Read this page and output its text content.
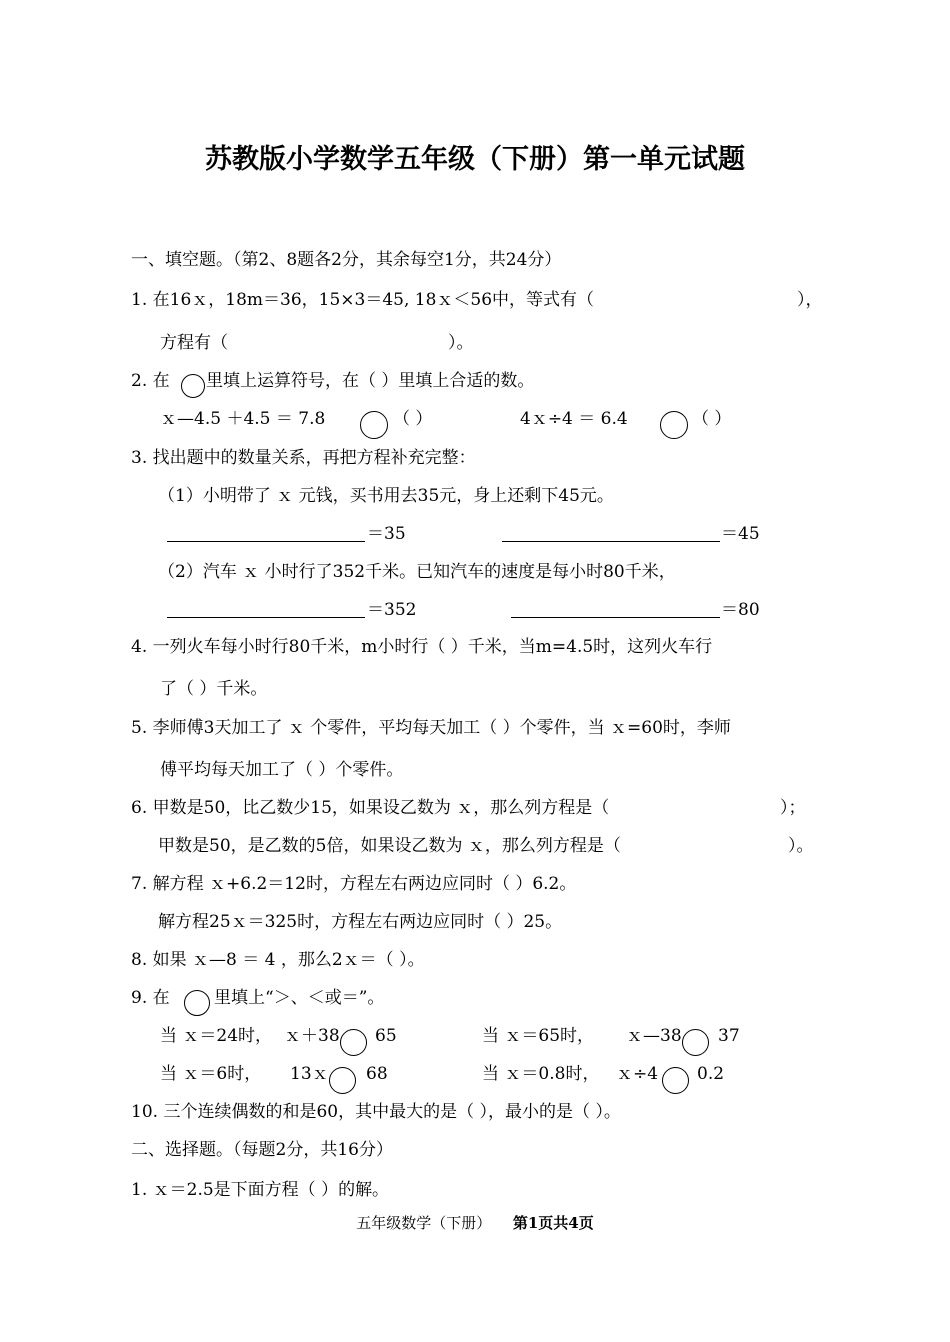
苏教版小学数学五年级（下册）第一单元试题
一、填空题。（第2、8题各2分，其余每空1分，共24分）
1. 在16ｘ，18m＝36，15×3＝45, 18ｘ＜56中，等式有（	），
方程有（	）。
2. 在 里填上运算符号，在（ ）里填上合适的数。
ｘ—4.5 ＋4.5 ＝ 7.8	（ ）	4ｘ÷4 ＝ 6.4	（ ）
3. 找出题中的数量关系，再把方程补充完整：
（1）小明带了 ｘ 元钱，买书用去35元，身上还剩下45元。
＝35	＝45
（2）汽车 ｘ 小时行了352千米。已知汽车的速度是每小时80千米，
＝352	＝80
4. 一列火车每小时行80千米，m小时行（ ）千米，当m=4.5时，这列火车行
了（ ）千米。
5. 李师傅3天加工了 ｘ 个零件，平均每天加工（ ）个零件，当 ｘ=60时，李师
傅平均每天加工了（ ）个零件。
6. 甲数是50，比乙数少15，如果设乙数为 ｘ，那么列方程是（	）；
甲数是50，是乙数的5倍，如果设乙数为 ｘ，那么列方程是（	）。
7. 解方程 ｘ+6.2＝12时，方程左右两边应同时（ ）6.2。
解方程25ｘ＝325时，方程左右两边应同时（ ）25。
8. 如果 ｘ—8 ＝ 4 ，那么2ｘ＝（ ）。
9. 在	里填上“＞、＜或＝”。
当 ｘ＝24时， ｘ＋38 65	当 ｘ＝65时， ｘ—38 37
当 ｘ＝6时， 13ｘ 68	当 ｘ＝0.8时， ｘ÷4 0.2
10. 三个连续偶数的和是60，其中最大的是（ ），最小的是（ ）。
二、选择题。（每题2分，共16分）
1. ｘ＝2.5是下面方程（ ）的解。
五年级数学（下册） 第1页共4页
